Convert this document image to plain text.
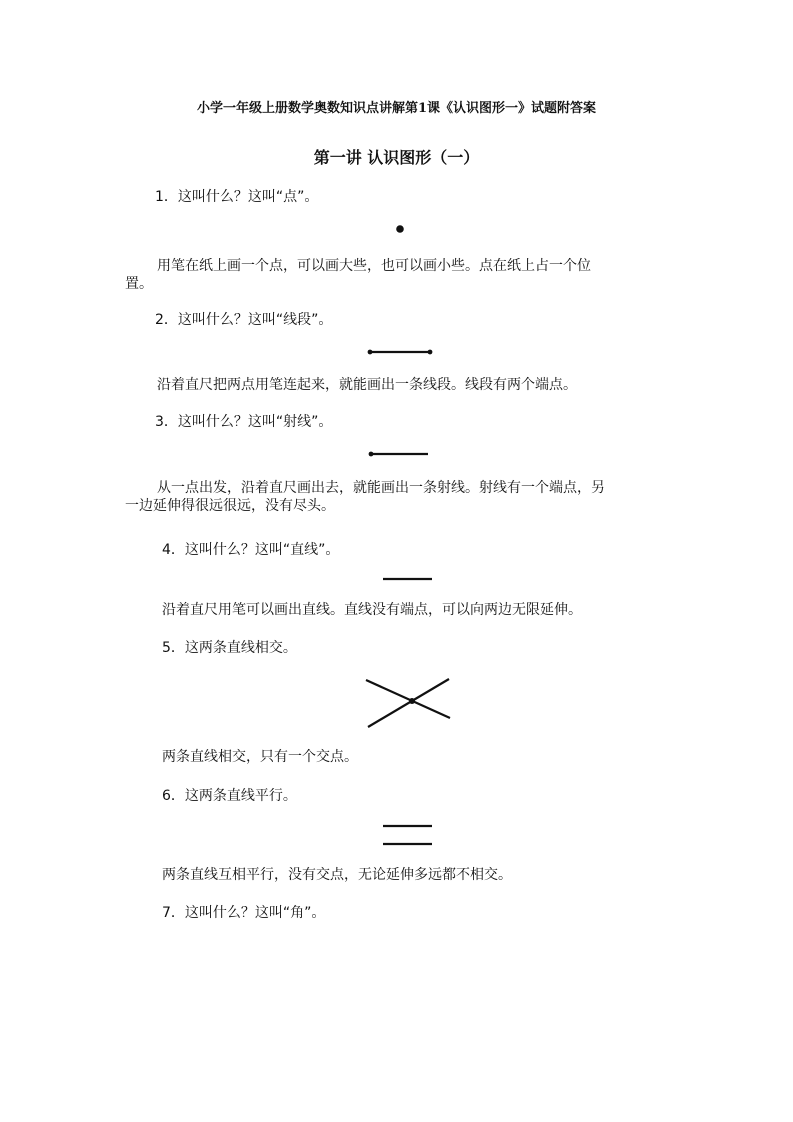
小学一年级上册数学奥数知识点讲解第1课《认识图形一》试题附答案
第一讲 认识图形（一）
1．这叫什么？这叫“点”。
用笔在纸上画一个点，可以画大些，也可以画小些。点在纸上占一个位
置。
2．这叫什么？这叫“线段”。
沿着直尺把两点用笔连起来，就能画出一条线段。线段有两个端点。
3．这叫什么？这叫“射线”。
从一点出发，沿着直尺画出去，就能画出一条射线。射线有一个端点，另
一边延伸得很远很远，没有尽头。
4．这叫什么？这叫“直线”。
沿着直尺用笔可以画出直线。直线没有端点，可以向两边无限延伸。
5．这两条直线相交。
两条直线相交，只有一个交点。
6．这两条直线平行。
两条直线互相平行，没有交点，无论延伸多远都不相交。
7．这叫什么？这叫“角”。
